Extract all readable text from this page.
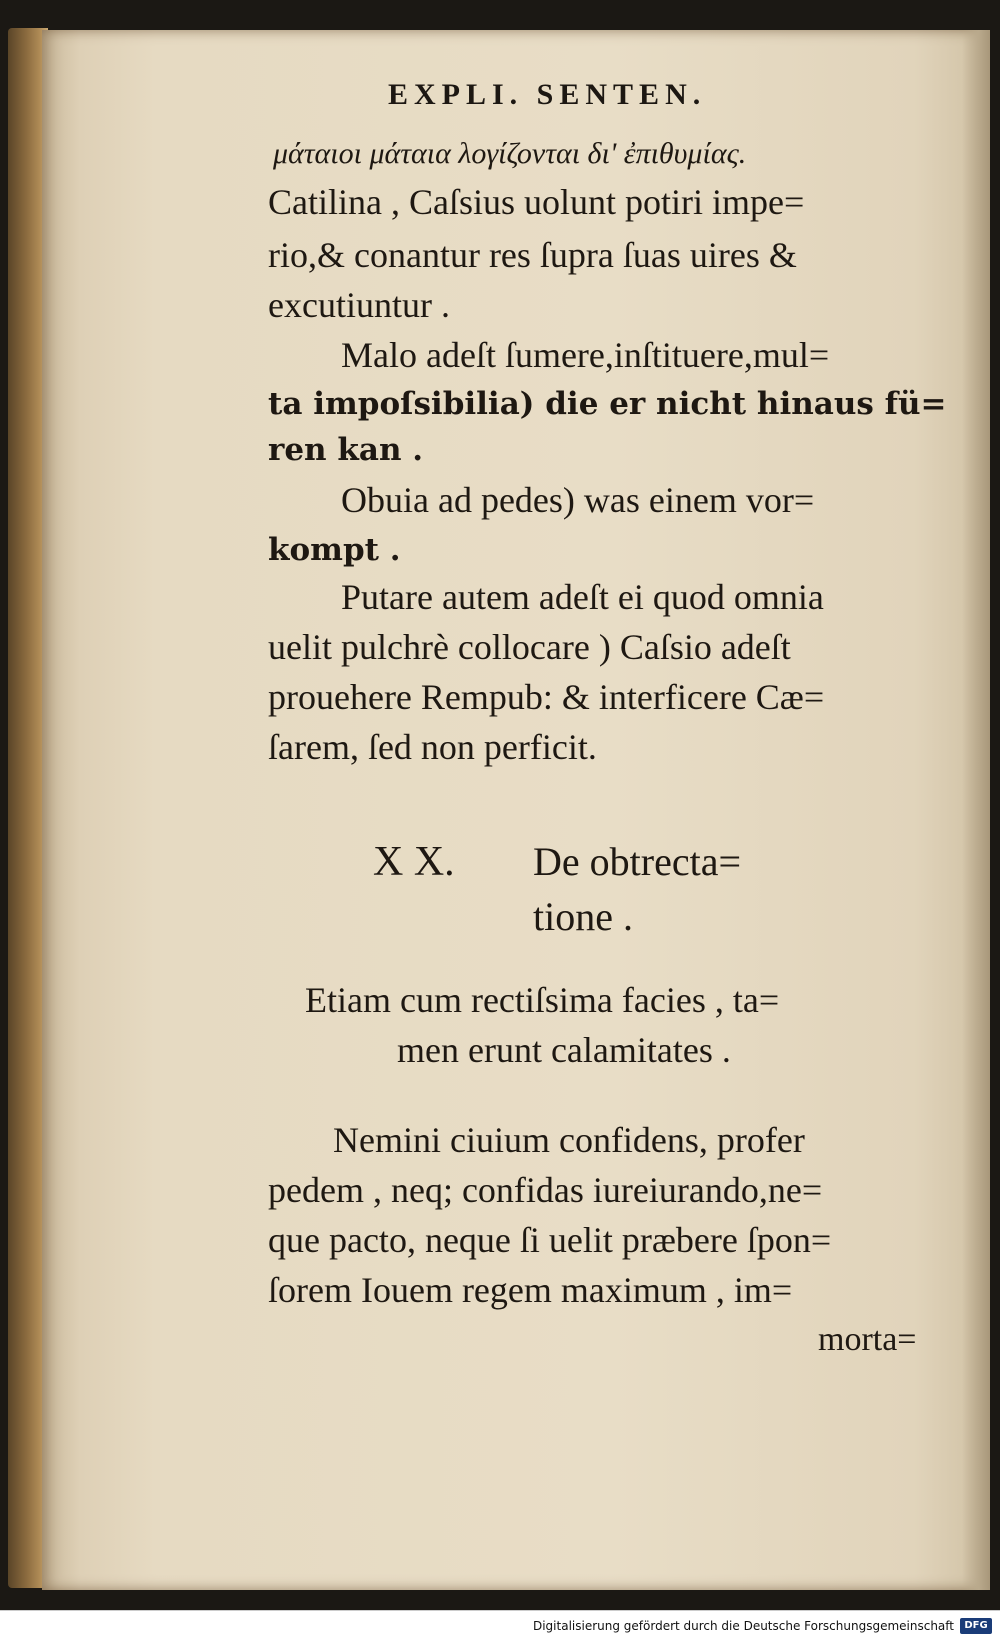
EXPLI. SENTEN.
μάταιοι μάταια λογίζονται δι' ἐπιθυμίας.
Catilina , Caſsius uolunt potiri impe=
rio,& conantur res ſupra ſuas uires &
excutiuntur .
Malo adeſt ſumere,inſtituere,mul=
ta impoſsibilia) die er nicht hinaus fü=
ren kan .
Obuia ad pedes) was einem vor=
kompt .
Putare autem adeſt ei quod omnia
uelit pulchrè collocare ) Caſsio adeſt
prouehere Rempub: & interficere Cæ=
ſarem, ſed non perficit.
X X. De obtrecta=
tione .
Etiam cum rectiſsima facies , ta=
men erunt calamitates .
Nemini ciuium confidens, profer
pedem , neq; confidas iureiurando,ne=
que pacto, neque ſi uelit præbere ſpon=
ſorem Iouem regem maximum , im=
morta=
Digitalisierung gefördert durch die Deutsche Forschungsgemeinschaft	DFG
